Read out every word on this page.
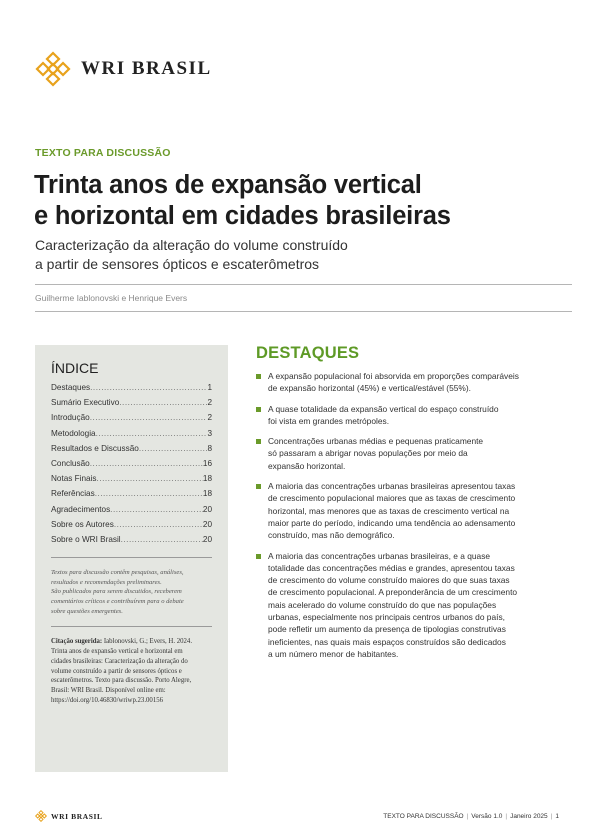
WRI BRASIL
TEXTO PARA DISCUSSÃO
Trinta anos de expansão vertical
e horizontal em cidades brasileiras
Caracterização da alteração do volume construído
a partir de sensores ópticos e escaterômetros
Guilherme Iablonovski e Henrique Evers
ÍNDICE
Destaques .....	1
Sumário Executivo .....	2
Introdução .....	2
Metodologia .....	3
Resultados e Discussão .....	8
Conclusão .....	16
Notas Finais .....	18
Referências .....	18
Agradecimentos .....	20
Sobre os Autores .....	20
Sobre o WRI Brasil .....	20

Textos para discussão contêm pesquisas, análises,
resultados e recomendações preliminares.
São publicados para serem discutidos, receberem
comentários críticos e contribuírem para o debate
sobre questões emergentes.

Citação sugerida: Iablonovski, G.; Evers, H. 2024.
Trinta anos de expansão vertical e horizontal em
cidades brasileiras: Caracterização da alteração do
volume construído a partir de sensores ópticos e
escaterômetros. Texto para discussão. Porto Alegre,
Brasil: WRI Brasil. Disponível online em:
https://doi.org/10.46830/wriwp.23.00156

DESTAQUES
A expansão populacional foi absorvida em proporções comparáveis
de expansão horizontal (45%) e vertical/estável (55%).
A quase totalidade da expansão vertical do espaço construído
foi vista em grandes metrópoles.
Concentrações urbanas médias e pequenas praticamente
só passaram a abrigar novas populações por meio da
expansão horizontal.
A maioria das concentrações urbanas brasileiras apresentou taxas
de crescimento populacional maiores que as taxas de crescimento
horizontal, mas menores que as taxas de crescimento vertical na
maior parte do período, indicando uma tendência ao adensamento
construído, mas não demográfico.
A maioria das concentrações urbanas brasileiras, e a quase
totalidade das concentrações médias e grandes, apresentou taxas
de crescimento do volume construído maiores do que suas taxas
de crescimento populacional. A preponderância de um crescimento
mais acelerado do volume construído do que nas populações
urbanas, especialmente nos principais centros urbanos do país,
pode refletir um aumento da presença de tipologias construtivas
ineficientes, nas quais mais espaços construídos são dedicados
a um número menor de habitantes.
WRI BRASIL	TEXTO PARA DISCUSSÃO | Versão 1.0 | Janeiro 2025 | 1
